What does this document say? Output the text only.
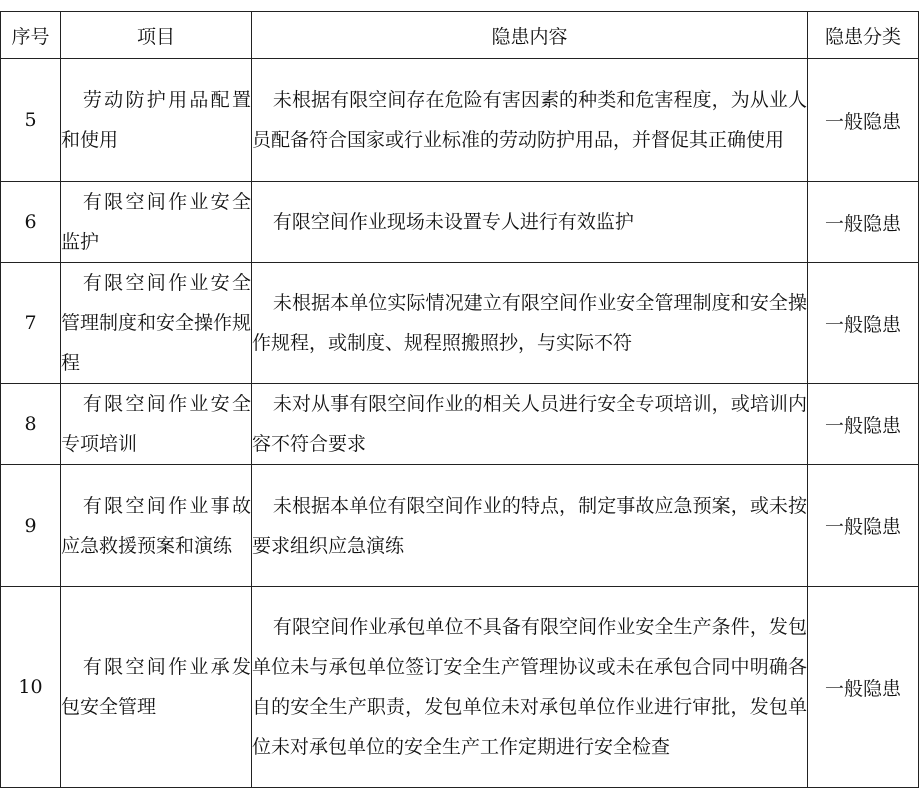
序号	项目	隐患内容	隐患分类
5	劳动防护用品配置和使用	未根据有限空间存在危险有害因素的种类和危害程度，为从业人员配备符合国家或行业标准的劳动防护用品，并督促其正确使用	一般隐患
6	有限空间作业安全监护	有限空间作业现场未设置专人进行有效监护	一般隐患
7	有限空间作业安全管理制度和安全操作规程	未根据本单位实际情况建立有限空间作业安全管理制度和安全操作规程，或制度、规程照搬照抄，与实际不符	一般隐患
8	有限空间作业安全专项培训	未对从事有限空间作业的相关人员进行安全专项培训，或培训内容不符合要求	一般隐患
9	有限空间作业事故应急救援预案和演练	未根据本单位有限空间作业的特点，制定事故应急预案，或未按要求组织应急演练	一般隐患
10	有限空间作业承发包安全管理	有限空间作业承包单位不具备有限空间作业安全生产条件，发包单位未与承包单位签订安全生产管理协议或未在承包合同中明确各自的安全生产职责，发包单位未对承包单位作业进行审批，发包单位未对承包单位的安全生产工作定期进行安全检查	一般隐患
